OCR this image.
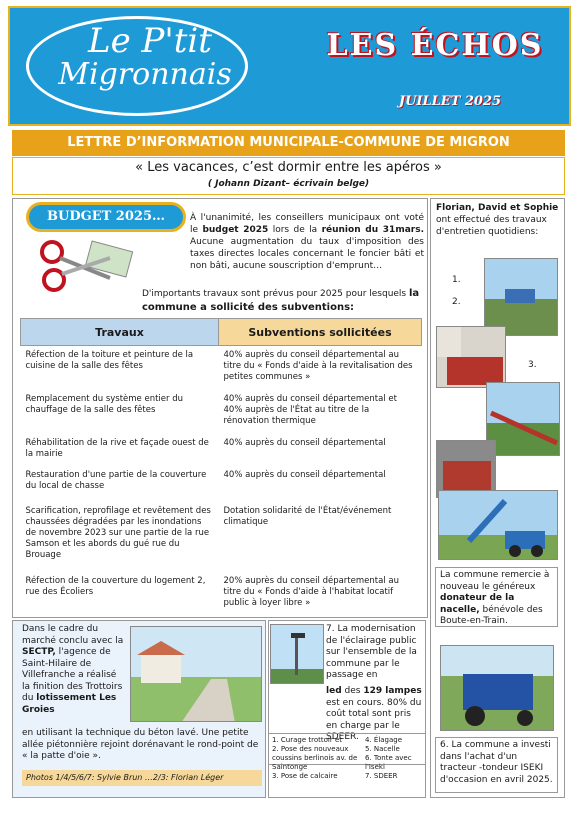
Le P'tit
Migronnais
LES ÉCHOS
JUILLET 2025
LETTRE D’INFORMATION MUNICIPALE-COMMUNE DE MIGRON
« Les vacances, c’est dormir entre les apéros »
( Johann Dizant– écrivain belge)
BUDGET 2025…	À l'unanimité, les conseillers municipaux ont voté le budget 2025 lors de la réunion du 31mars. Aucune augmentation du taux d'imposition des taxes directes locales concernant le foncier bâti et non bâti, aucune souscription d'emprunt…
D'importants travaux sont prévus pour 2025 pour lesquels la commune a sollicité des subventions:
Travaux	Subventions sollicitées
Réfection de la toiture et peinture de la cuisine de la salle des fêtes	40% auprès du conseil départemental au titre du « Fonds d'aide à la revitalisation des petites communes »
Remplacement du système entier du chauffage de la salle des fêtes	40% auprès du conseil départemental et 40% auprès de l'État au titre de la rénovation thermique
Réhabilitation de la rive et façade ouest de la mairie	40% auprès du conseil départemental
Restauration d'une partie de la couverture du local de chasse	40% auprès du conseil départemental
Scarification, reprofilage et revêtement des chaussées dégradées par les inondations de novembre 2023 sur une partie de la rue Samson et les abords du gué rue du Brouage	Dotation solidarité de l'État/événement climatique
Réfection de la couverture du logement 2, rue des Écoliers	20% auprès du conseil départemental au titre du « Fonds d'aide à l'habitat locatif public à loyer libre »
Dans le cadre du marché conclu avec la SECTP, l'agence de Saint-Hilaire de Villefranche a réalisé la finition des Trottoirs du lotissement Les Groies
en utilisant la technique du béton lavé. Une petite allée piétonnière rejoint dorénavant le rond-point de « la patte d'oie ».
Photos 1/4/5/6/7: Sylvie Brun …2/3: Florian Léger
7. La modernisation de l'éclairage public sur l'ensemble de la commune par le passage en
led des 129 lampes est en cours. 80% du coût total sont pris en charge par le SDEER.
1. Curage trottoir et
2. Pose des nouveaux coussins berlinois av. de Saintonge
3. Pose de calcaire
4. Élagage
5. Nacelle
6. Tonte avec l'Iseki
7. SDEER
Florian, David et Sophie ont effectué des travaux d'entretien quotidiens:
1.
2.
3.
La commune remercie à nouveau le généreux donateur de la nacelle, bénévole des Boute-en-Train.
6. La commune a investi dans l'achat d'un tracteur -tondeur ISEKI d'occasion en avril 2025.
